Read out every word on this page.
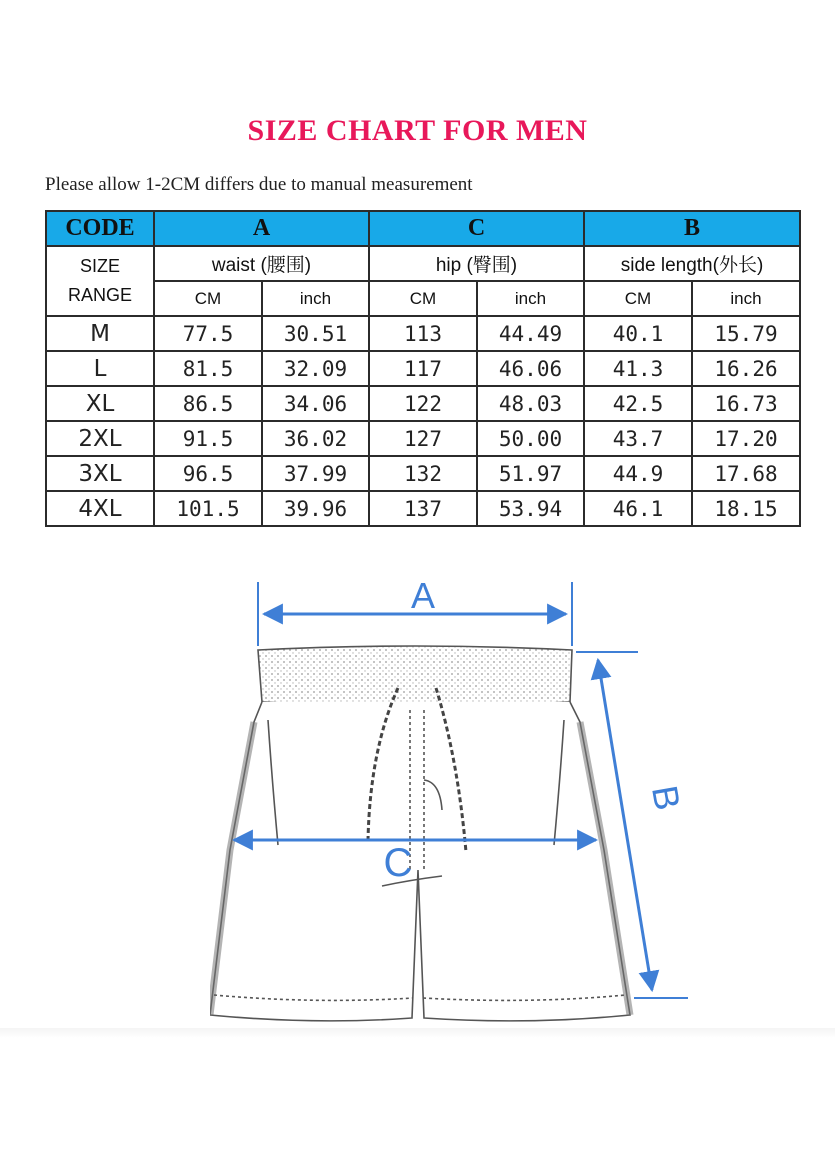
SIZE CHART FOR MEN
Please allow 1-2CM differs due to manual measurement
CODE	A		C		B	

SIZE
RANGE	waist (腰围)		hip (臀围)		side length(外长)	
	CM	inch	CM	inch	CM	inch
M	77.5	30.51	113	44.49	40.1	15.79
L	81.5	32.09	117	46.06	41.3	16.26
XL	86.5	34.06	122	48.03	42.5	16.73
2XL	91.5	36.02	127	50.00	43.7	17.20
3XL	96.5	37.99	132	51.97	44.9	17.68
4XL	101.5	39.96	137	53.94	46.1	18.15
A
B
C
